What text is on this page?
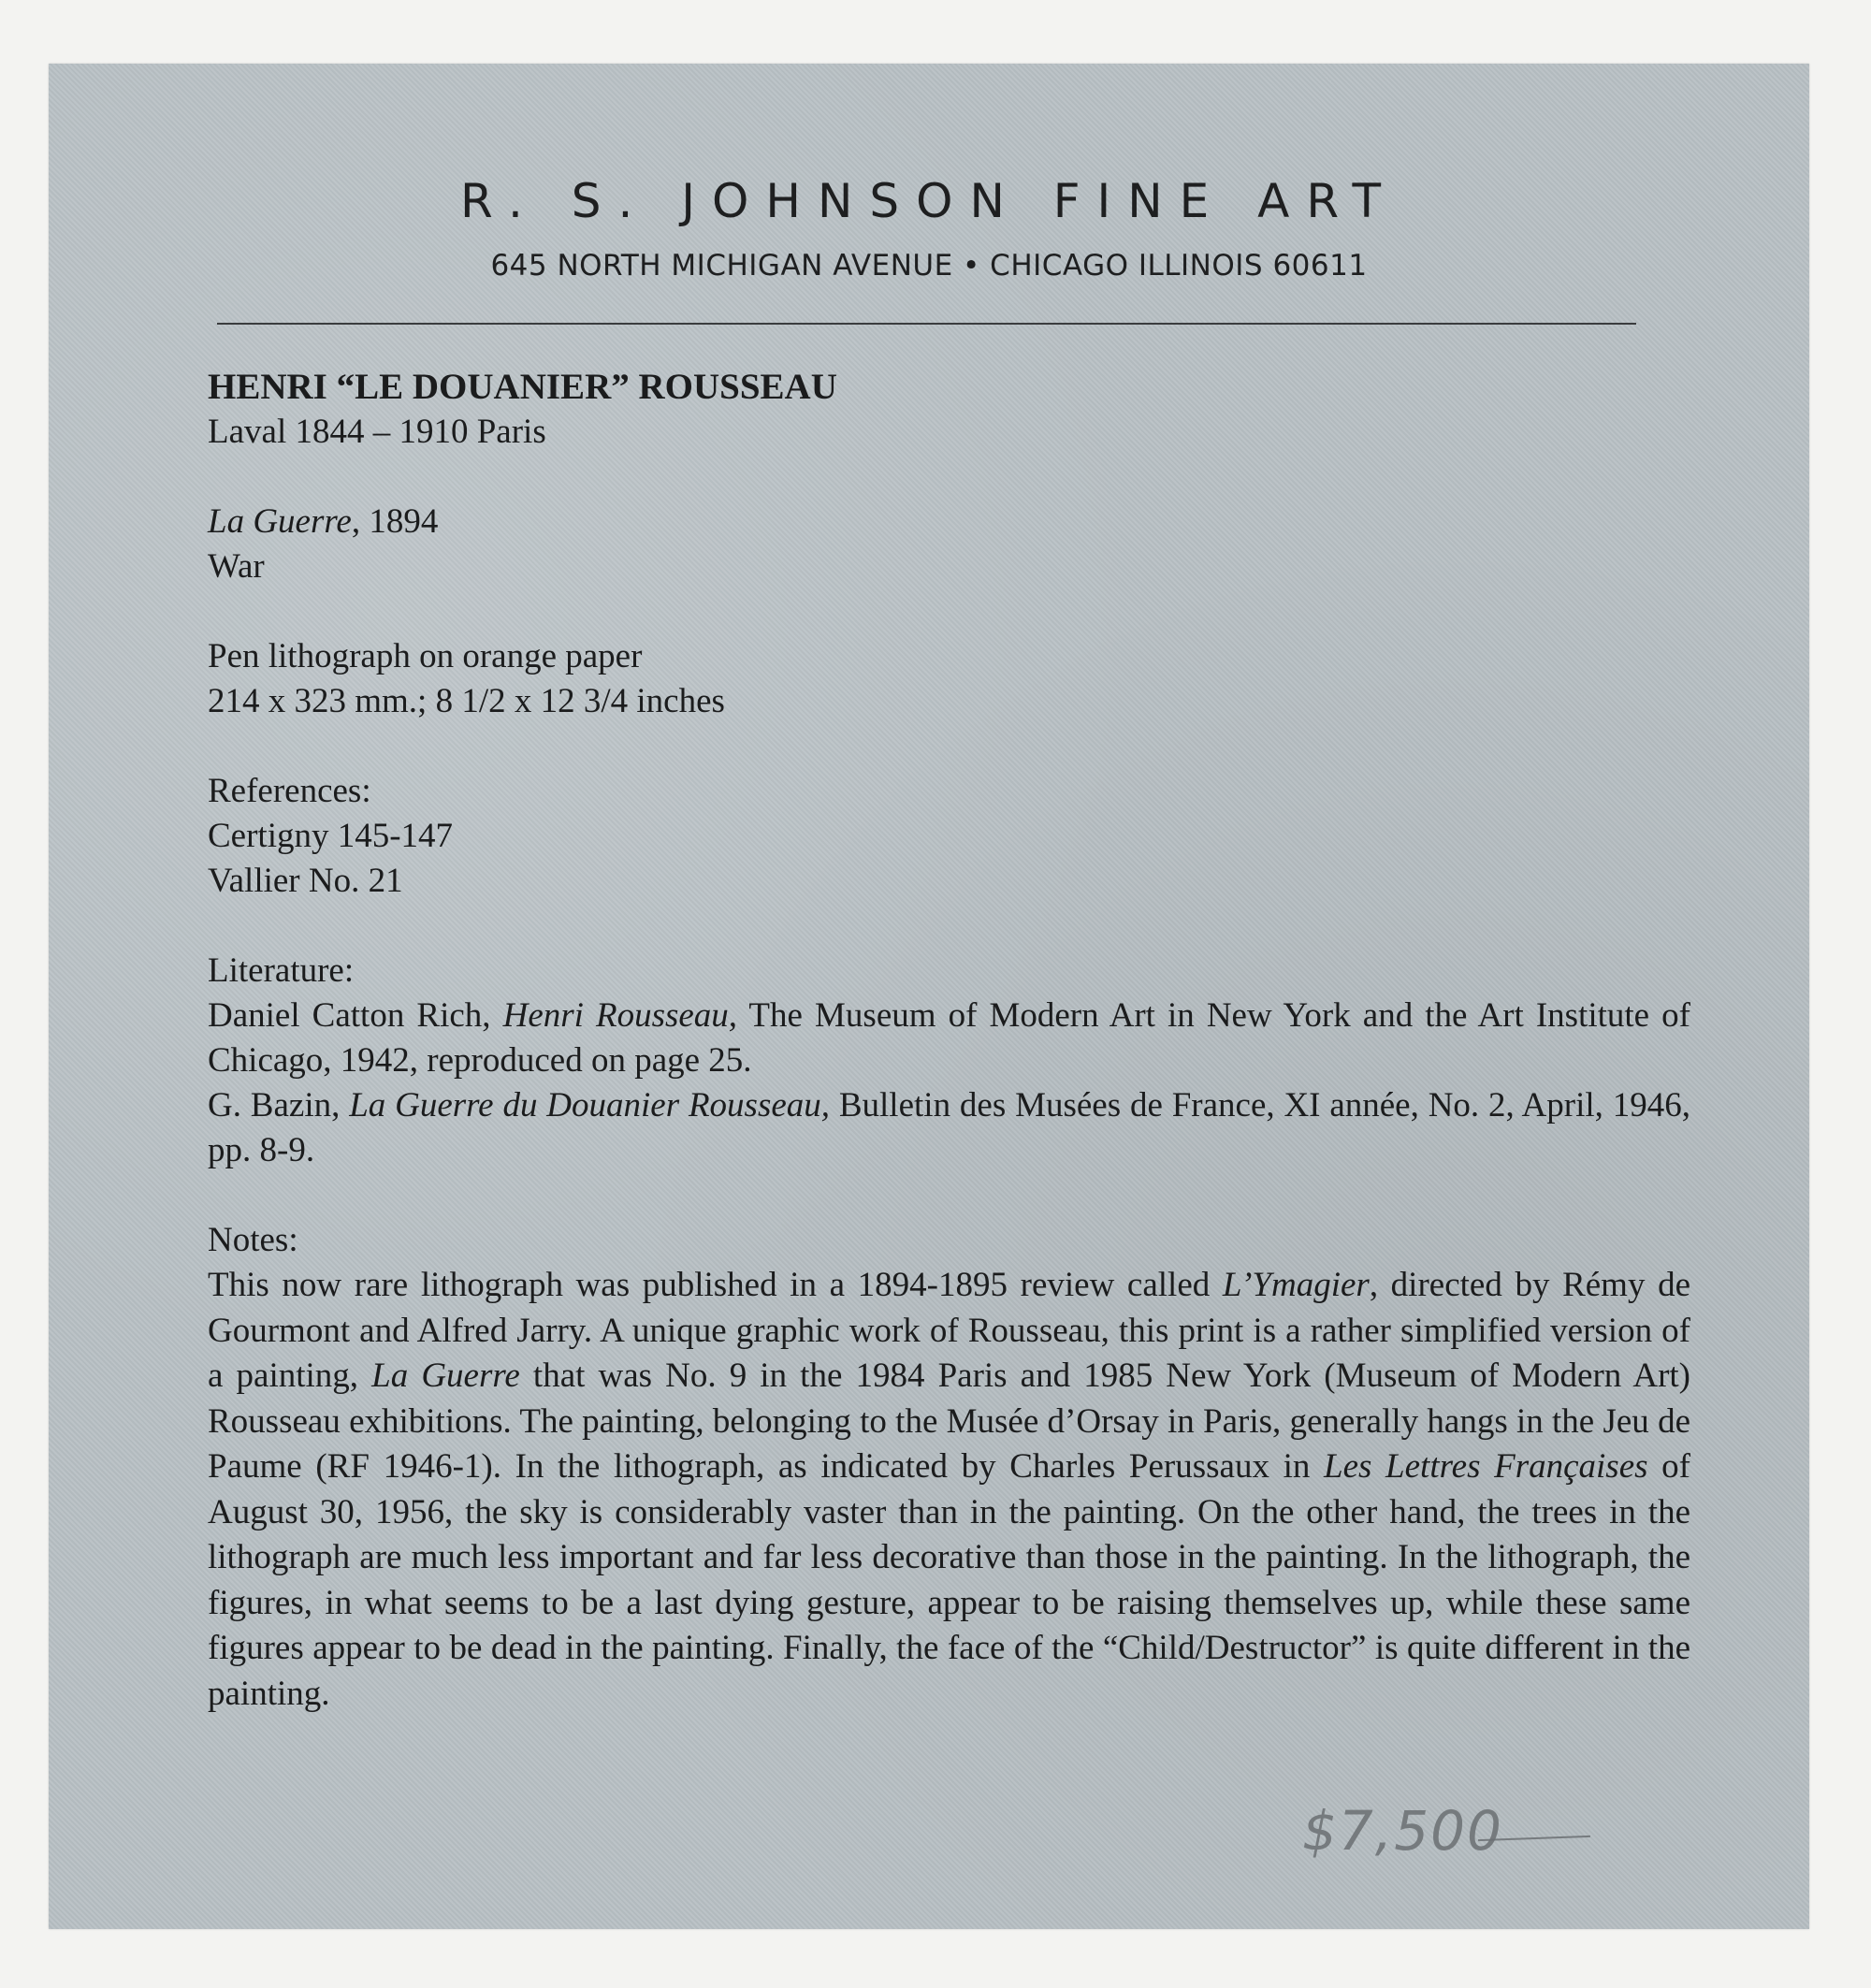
R. S. JOHNSON FINE ART
645 NORTH MICHIGAN AVENUE • CHICAGO ILLINOIS 60611

HENRI “LE DOUANIER” ROUSSEAU

Laval 1844 – 1910 Paris

La Guerre, 1894

War

Pen lithograph on orange paper

214 x 323 mm.; 8 1/2 x 12 3/4 inches

References:

Certigny 145-147

Vallier No. 21

Literature:

Daniel Catton Rich, Henri Rousseau, The Museum of Modern Art in New York and the Art Institute of Chicago, 1942, reproduced on page 25.

G. Bazin, La Guerre du Douanier Rousseau, Bulletin des Musées de France, XI année, No. 2, April, 1946, pp. 8-9.

Notes:

This now rare lithograph was published in a 1894-1895 review called L’Ymagier, directed by Rémy de Gourmont and Alfred Jarry. A unique graphic work of Rousseau, this print is a rather simplified version of a painting, La Guerre that was No. 9 in the 1984 Paris and 1985 New York (Museum of Modern Art) Rousseau exhibitions. The painting, belonging to the Musée d’Orsay in Paris, generally hangs in the Jeu de Paume (RF 1946-1). In the lithograph, as indicated by Charles Perussaux in Les Lettres Françaises of August 30, 1956, the sky is considerably vaster than in the painting. On the other hand, the trees in the lithograph are much less important and far less decorative than those in the painting. In the lithograph, the figures, in what seems to be a last dying gesture, appear to be raising themselves up, while these same figures appear to be dead in the painting. Finally, the face of the “Child/Destructor” is quite different in the painting.

$7,500
